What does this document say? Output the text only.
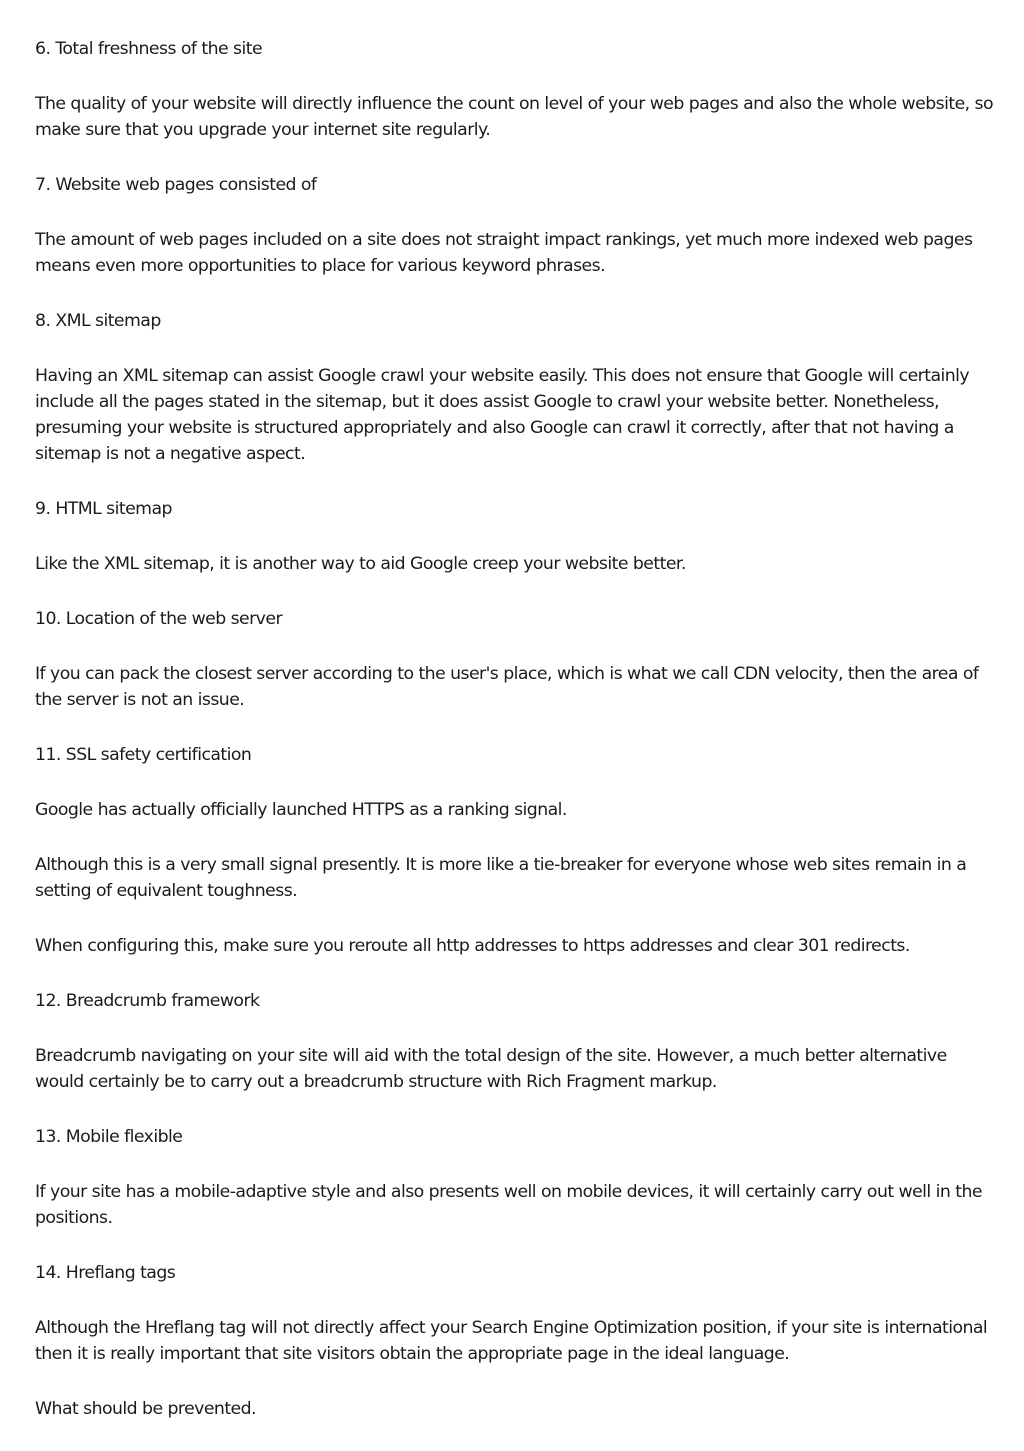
6. Total freshness of the site

The quality of your website will directly influence the count on level of your web pages and also the whole website, so make sure that you upgrade your internet site regularly.

7. Website web pages consisted of

The amount of web pages included on a site does not straight impact rankings, yet much more indexed web pages means even more opportunities to place for various keyword phrases.

8. XML sitemap

Having an XML sitemap can assist Google crawl your website easily. This does not ensure that Google will certainly include all the pages stated in the sitemap, but it does assist Google to crawl your website better. Nonetheless, presuming your website is structured appropriately and also Google can crawl it correctly, after that not having a sitemap is not a negative aspect.

9. HTML sitemap

Like the XML sitemap, it is another way to aid Google creep your website better.

10. Location of the web server

If you can pack the closest server according to the user's place, which is what we call CDN velocity, then the area of the server is not an issue.

11. SSL safety certification

Google has actually officially launched HTTPS as a ranking signal.

Although this is a very small signal presently. It is more like a tie-breaker for everyone whose web sites remain in a setting of equivalent toughness.

When configuring this, make sure you reroute all http addresses to https addresses and clear 301 redirects.

12. Breadcrumb framework

Breadcrumb navigating on your site will aid with the total design of the site. However, a much better alternative would certainly be to carry out a breadcrumb structure with Rich Fragment markup.

13. Mobile flexible

If your site has a mobile-adaptive style and also presents well on mobile devices, it will certainly carry out well in the positions.

14. Hreflang tags

Although the Hreflang tag will not directly affect your Search Engine Optimization position, if your site is international then it is really important that site visitors obtain the appropriate page in the ideal language.

What should be prevented.
